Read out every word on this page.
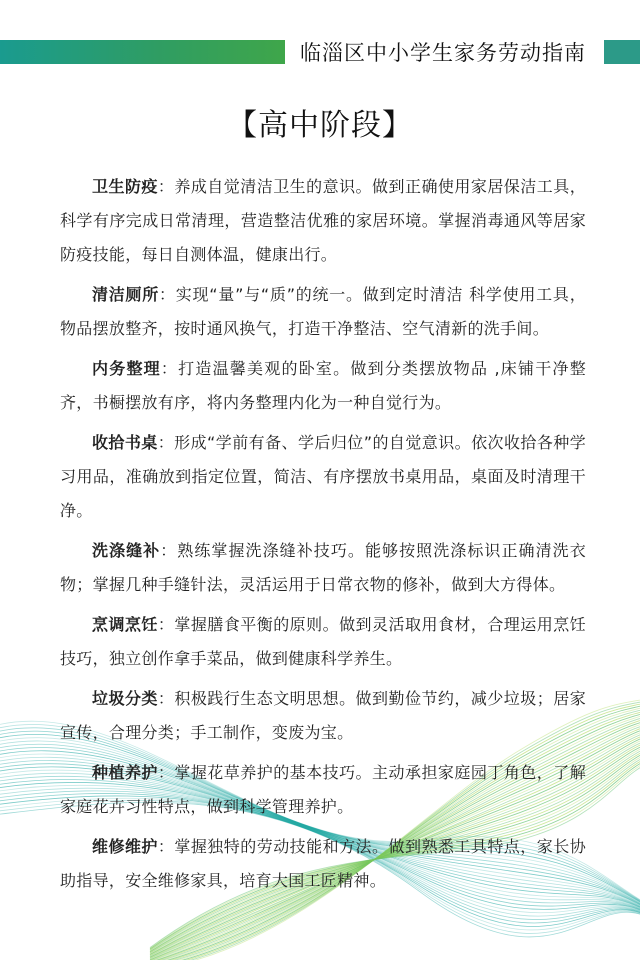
临淄区中小学生家务劳动指南
【高中阶段】

卫生防疫：养成自觉清洁卫生的意识。做到正确使用家居保洁工具，科学有序完成日常清理，营造整洁优雅的家居环境。掌握消毒通风等居家防疫技能，每日自测体温，健康出行。

清洁厕所：实现“量”与“质”的统一。做到定时清洁 科学使用工具，物品摆放整齐，按时通风换气，打造干净整洁、空气清新的洗手间。

内务整理：打造温馨美观的卧室。做到分类摆放物品 ,床铺干净整齐，书橱摆放有序，将内务整理内化为一种自觉行为。

收拾书桌：形成“学前有备、学后归位”的自觉意识。依次收拾各种学习用品，准确放到指定位置，简洁、有序摆放书桌用品，桌面及时清理干净。

洗涤缝补：熟练掌握洗涤缝补技巧。能够按照洗涤标识正确清洗衣物；掌握几种手缝针法，灵活运用于日常衣物的修补，做到大方得体。

烹调烹饪：掌握膳食平衡的原则。做到灵活取用食材，合理运用烹饪技巧，独立创作拿手菜品，做到健康科学养生。

垃圾分类：积极践行生态文明思想。做到勤俭节约，减少垃圾；居家宣传，合理分类；手工制作，变废为宝。

种植养护：掌握花草养护的基本技巧。主动承担家庭园丁角色，了解家庭花卉习性特点，做到科学管理养护。

维修维护：掌握独特的劳动技能和方法。做到熟悉工具特点，家长协助指导，安全维修家具，培育大国工匠精神。
